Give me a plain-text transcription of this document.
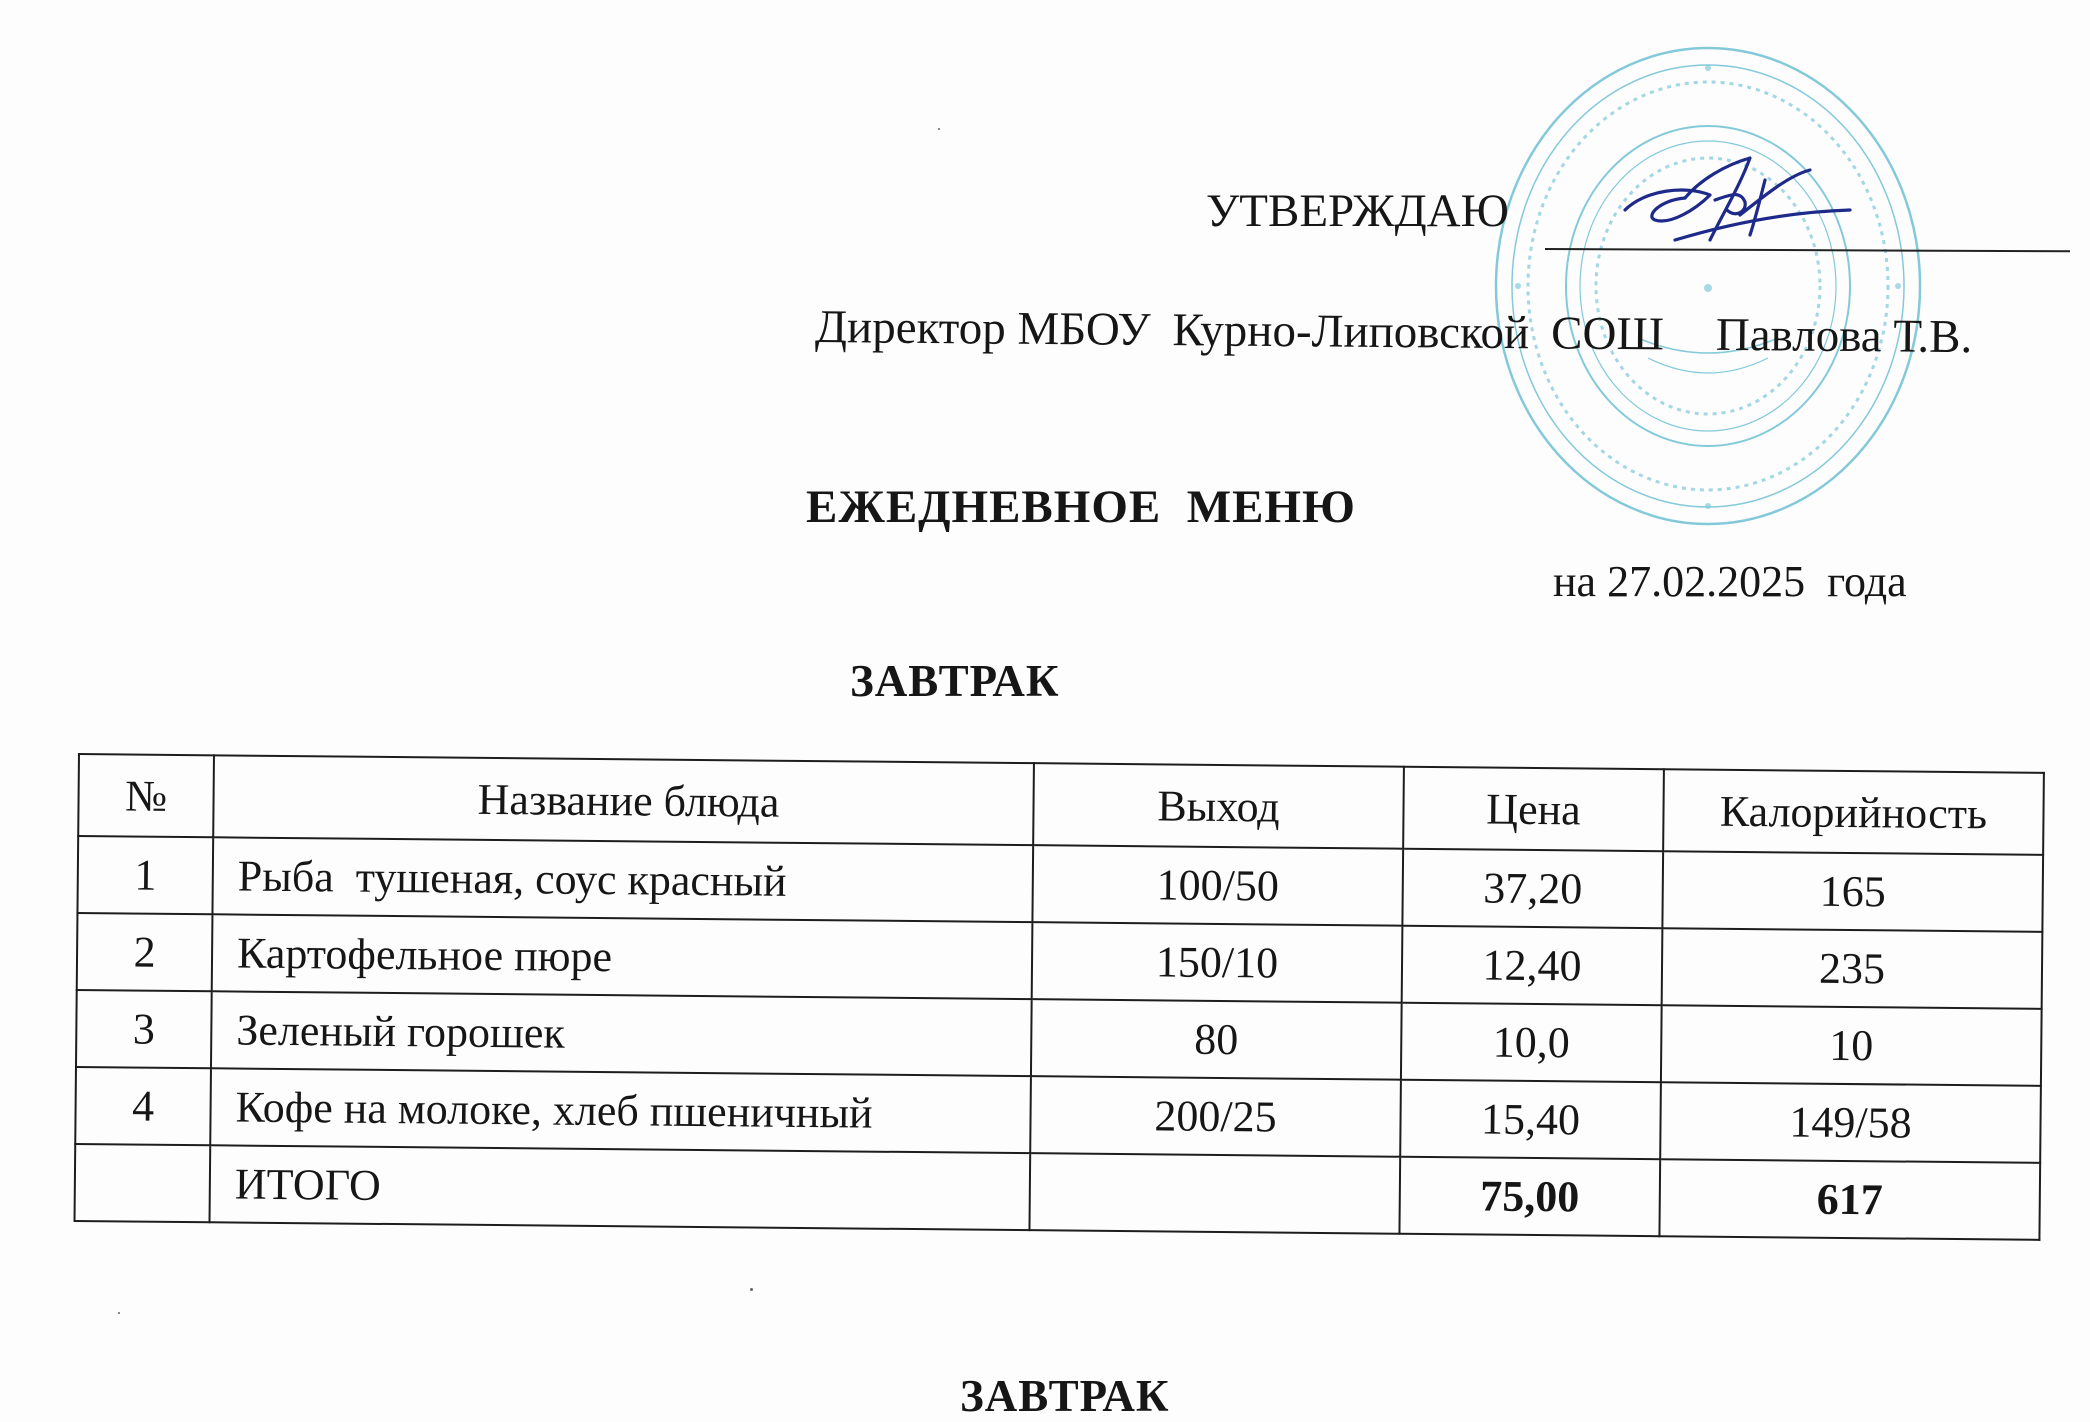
УТВЕРЖДАЮ
Директор МБОУ Курно-Липовской СОШ Павлова Т.В.
ЕЖЕДНЕВНОЕ  МЕНЮ
на 27.02.2025  года
ЗАВТРАК
№	Название блюда	Выход	Цена	Калорийность
1	Рыба  тушеная, соус красный	100/50	37,20	165
2	Картофельное пюре	150/10	12,40	235
3	Зеленый горошек	80	10,0	10
4	Кофе на молоке, хлеб пшеничный	200/25	15,40	149/58
	ИТОГО		75,00	617
ЗАВТРАК
